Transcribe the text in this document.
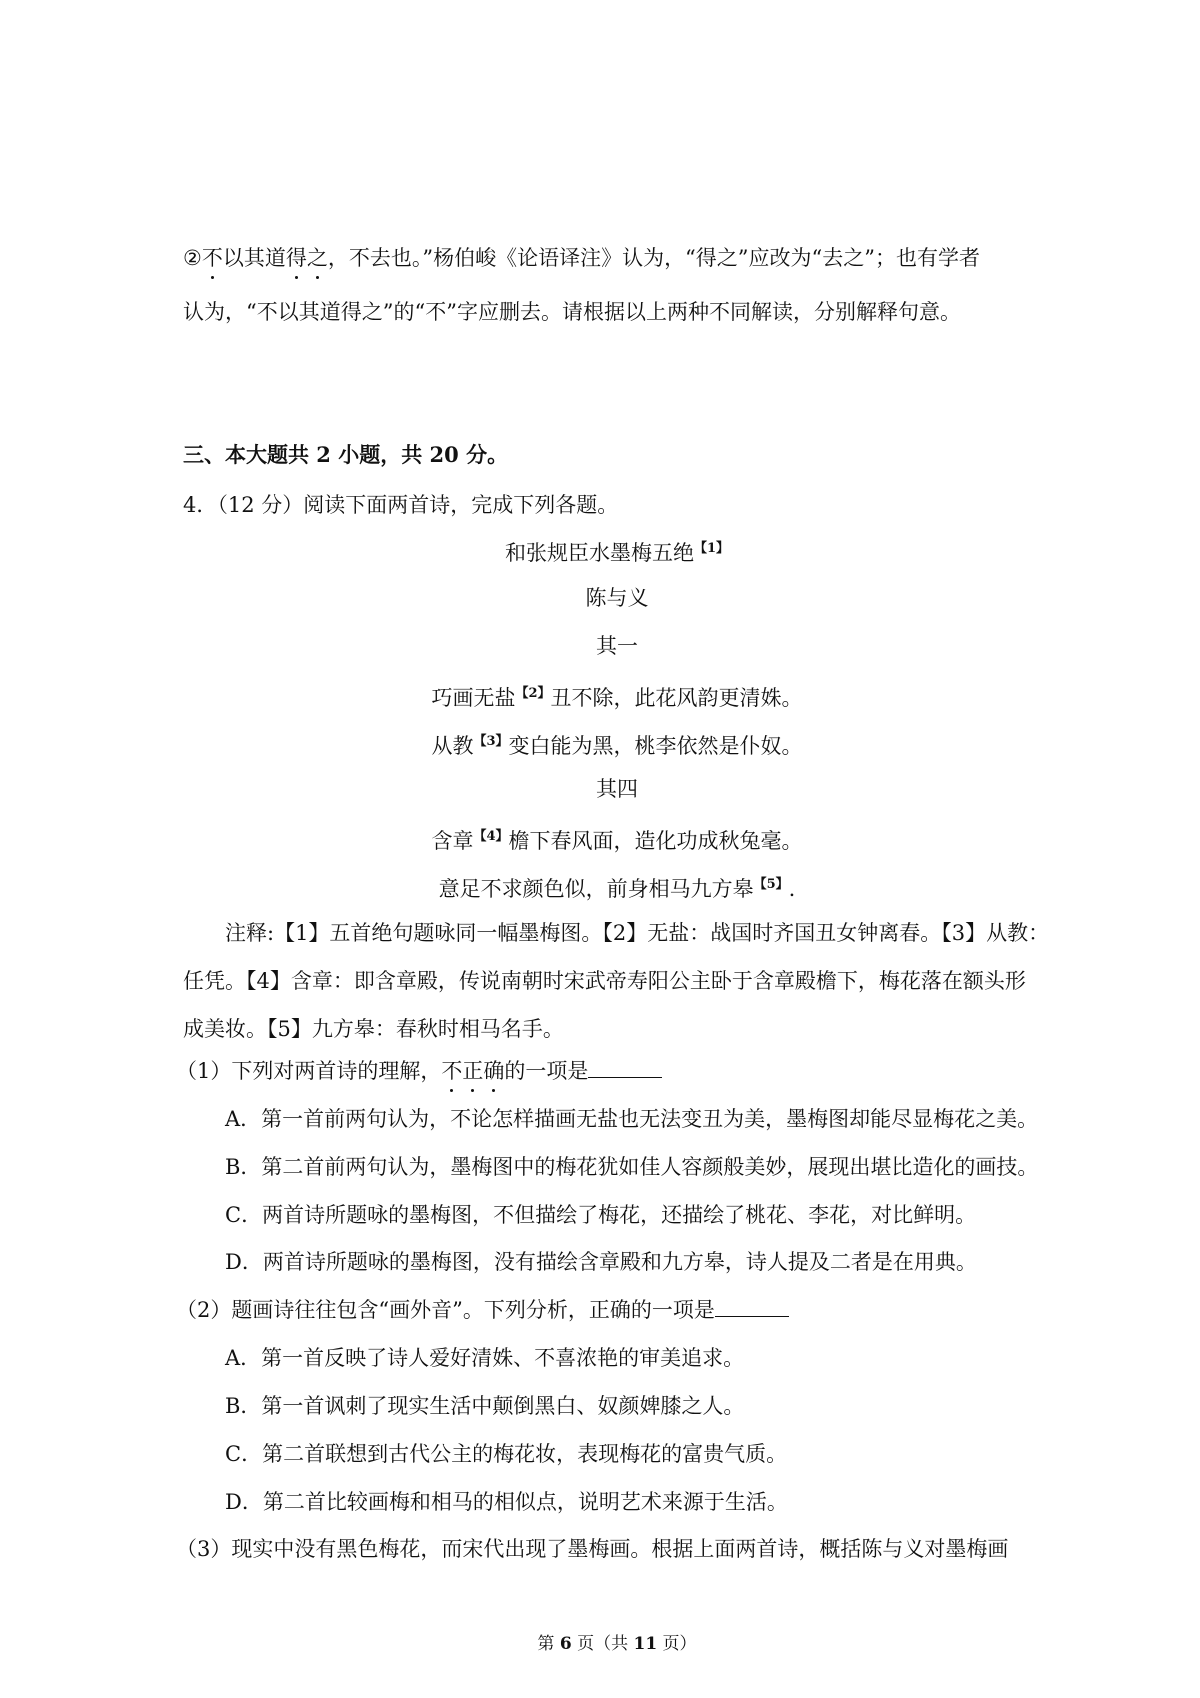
②不以其道得之，不去也。”杨伯峻《论语译注》认为，“得之”应改为“去之”；也有学者
认为，“不以其道得之”的“不”字应删去。请根据以上两种不同解读，分别解释句意。
三、本大题共 2 小题，共 20 分。
4．（12 分）阅读下面两首诗，完成下列各题。
和张规臣水墨梅五绝$^{【1】}$
陈与义
其一
巧画无盐$^{【2】}$丑不除，此花风韵更清姝。
从教$^{【3】}$变白能为黑，桃李依然是仆奴。
其四
含章$^{【4】}$檐下春风面，造化功成秋兔毫。
意足不求颜色似，前身相马九方皋$^{【5】}$.
注释:【1】五首绝句题咏同一幅墨梅图。【2】无盐：战国时齐国丑女钟离春。【3】从教：
任凭。【4】含章：即含章殿，传说南朝时宋武帝寿阳公主卧于含章殿檐下，梅花落在额头形
成美妆。【5】九方皋：春秋时相马名手。
（1）下列对两首诗的理解，不正确的一项是
A．第一首前两句认为，不论怎样描画无盐也无法变丑为美，墨梅图却能尽显梅花之美。
B．第二首前两句认为，墨梅图中的梅花犹如佳人容颜般美妙，展现出堪比造化的画技。
C．两首诗所题咏的墨梅图，不但描绘了梅花，还描绘了桃花、李花，对比鲜明。
D．两首诗所题咏的墨梅图，没有描绘含章殿和九方皋，诗人提及二者是在用典。
（2）题画诗往往包含“画外音”。下列分析，正确的一项是
A．第一首反映了诗人爱好清姝、不喜浓艳的审美追求。
B．第一首讽刺了现实生活中颠倒黑白、奴颜婢膝之人。
C．第二首联想到古代公主的梅花妆，表现梅花的富贵气质。
D．第二首比较画梅和相马的相似点，说明艺术来源于生活。
（3）现实中没有黑色梅花，而宋代出现了墨梅画。根据上面两首诗，概括陈与义对墨梅画
第 6 页（共 11 页）
